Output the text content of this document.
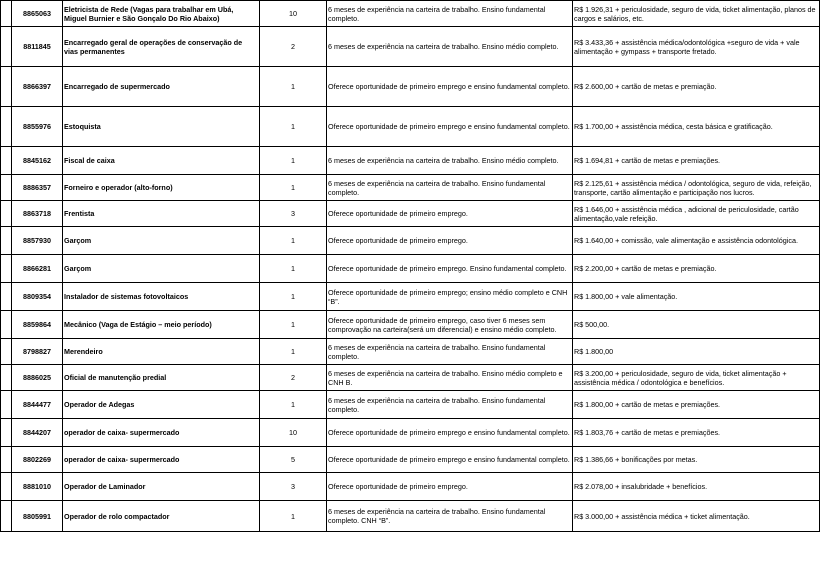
	8865063	Eletricista de Rede (Vagas para trabalhar em Ubá, Miguel Burnier e São Gonçalo Do Rio Abaixo)	10	6 meses de experiência na carteira de trabalho. Ensino fundamental completo.	R$ 1.926,31 + periculosidade, seguro de vida, ticket alimentação, planos de cargos e salários, etc.
	8811845	Encarregado geral de operações de conservação de vias permanentes	2	6 meses de experiência na carteira de trabalho. Ensino médio completo.	R$ 3.433,36 + assistência médica/odontológica +seguro de vida + vale alimentação + gympass + transporte fretado.
	8866397	Encarregado de supermercado	1	Oferece oportunidade de primeiro emprego e ensino fundamental completo.	R$ 2.600,00 + cartão de metas e premiação.
	8855976	Estoquista	1	Oferece oportunidade de primeiro emprego e ensino fundamental completo.	R$ 1.700,00 + assistência médica, cesta básica e gratificação.
	8845162	Fiscal de caixa	1	6 meses de experiência na carteira de trabalho. Ensino médio completo.	R$ 1.694,81 + cartão de metas e premiações.
	8886357	Forneiro e operador (alto-forno)	1	6 meses de experiência na carteira de trabalho. Ensino fundamental completo.	R$ 2.125,61 + assistência médica / odontológica, seguro de vida, refeição, transporte, cartão alimentação e participação nos lucros.
	8863718	Frentista	3	Oferece oportunidade de primeiro emprego.	R$ 1.646,00 + assistência médica , adicional de periculosidade, cartão alimentação,vale refeição.
	8857930	Garçom	1	Oferece oportunidade de primeiro emprego.	R$ 1.640,00 + comissão, vale alimentação e assistência odontológica.
	8866281	Garçom	1	Oferece oportunidade de primeiro emprego. Ensino fundamental completo.	R$ 2.200,00 + cartão de metas e premiação.
	8809354	Instalador de sistemas fotovoltaicos	1	Oferece oportunidade de primeiro emprego; ensino médio completo e CNH “B”.	R$ 1.800,00 + vale alimentação.
	8859864	Mecânico (Vaga de Estágio – meio período)	1	Oferece oportunidade de primeiro emprego, caso tiver 6 meses sem comprovação na carteira(será um diferencial) e ensino médio completo.	R$ 500,00.
	8798827	Merendeiro	1	6 meses de experiência na carteira de trabalho. Ensino fundamental completo.	R$ 1.800,00
	8886025	Oficial de manutenção predial	2	6 meses de experiência na carteira de trabalho. Ensino médio completo e CNH B.	R$ 3.200,00 + periculosidade, seguro de vida, ticket alimentação + assistência médica / odontológica e benefícios.
	8844477	Operador de Adegas	1	6 meses de experiência na carteira de trabalho. Ensino fundamental completo.	R$ 1.800,00 + cartão de metas e premiações.
	8844207	operador de caixa- supermercado	10	Oferece oportunidade de primeiro emprego e ensino fundamental completo.	R$ 1.803,76 + cartão de metas e premiações.
	8802269	operador de caixa- supermercado	5	Oferece oportunidade de primeiro emprego e ensino fundamental completo.	R$ 1.386,66 + bonificações por metas.
	8881010	Operador de Laminador	3	Oferece oportunidade de primeiro emprego.	R$ 2.078,00 + insalubridade + benefícios.
	8805991	Operador de rolo compactador	1	6 meses de experiência na carteira de trabalho. Ensino fundamental completo. CNH “B”.	R$ 3.000,00 + assistência médica + ticket alimentação.
